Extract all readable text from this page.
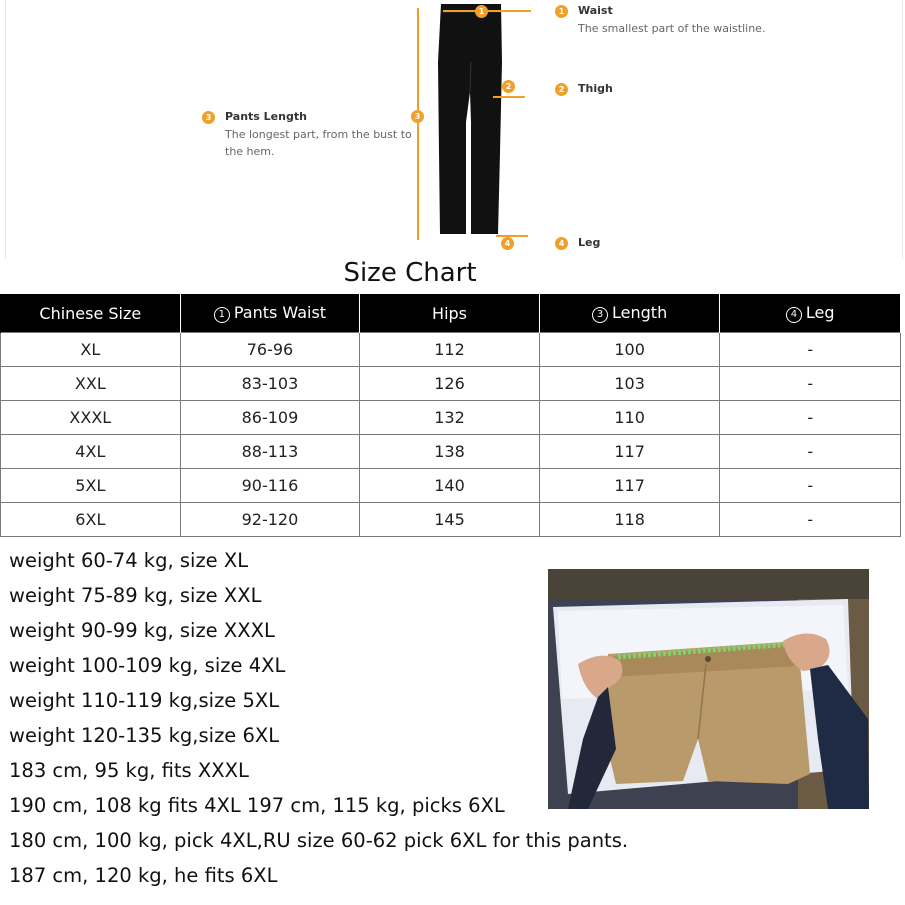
1
2
3
4
1	Waist
The smallest part of the waistline.
2	Thigh
3	Pants Length
The longest part, from the bust to
the hem.
4	Leg
Size Chart
Chinese Size	1 Pants Waist	Hips	3 Length	4 Leg
XL	76-96	112	100	-
XXL	83-103	126	103	-
XXXL	86-109	132	110	-
4XL	88-113	138	117	-
5XL	90-116	140	117	-
6XL	92-120	145	118	-
weight 60-74 kg, size XL
weight 75-89 kg, size XXL
weight 90-99 kg, size XXXL
weight 100-109 kg, size 4XL
weight 110-119 kg,size 5XL
weight 120-135 kg,size 6XL
183 cm, 95 kg, fits XXXL
190 cm, 108 kg fits 4XL 197 cm, 115 kg, picks 6XL
180 cm, 100 kg, pick 4XL,RU size 60-62 pick 6XL for this pants.
187 cm, 120 kg, he fits 6XL
